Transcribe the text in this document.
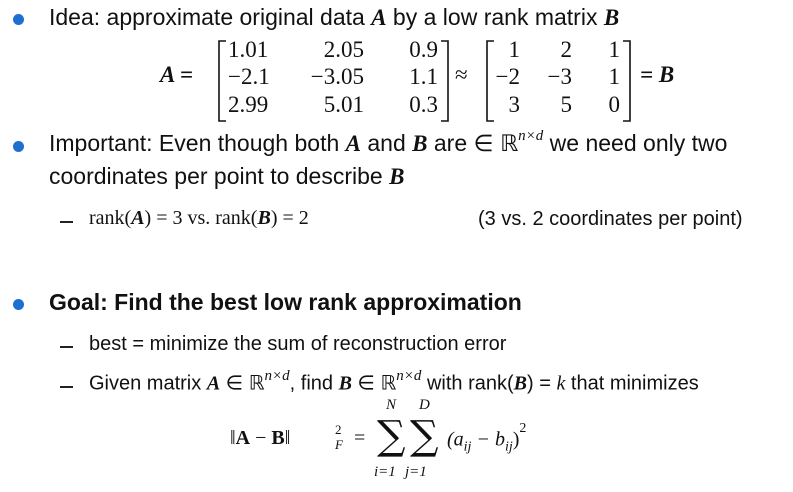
Idea: approximate original data A by a low rank matrix B
A =
1.01	2.05	0.9
−2.1	−3.05	1.1
2.99	5.01	0.3
≈
1	2	1
−2	−3	1
3	5	0
= B
Important: Even though both A and B are ∈ ℝ$^{n\times d}$ we need only two
coordinates per point to describe B
rank(A) = 3 vs. rank(B) = 2	(3 vs. 2 coordinates per point)
Goal: Find the best low rank approximation
best = minimize the sum of reconstruction error
Given matrix A ∈ ℝ$^{n\times d}$, find B ∈ ℝ$^{n\times d}$ with rank(B) = k that minimizes
‖A − B‖	2
F =
N
∑
i=1
D
∑
j=1
$(a_{ij} - b_{ij})^2$
